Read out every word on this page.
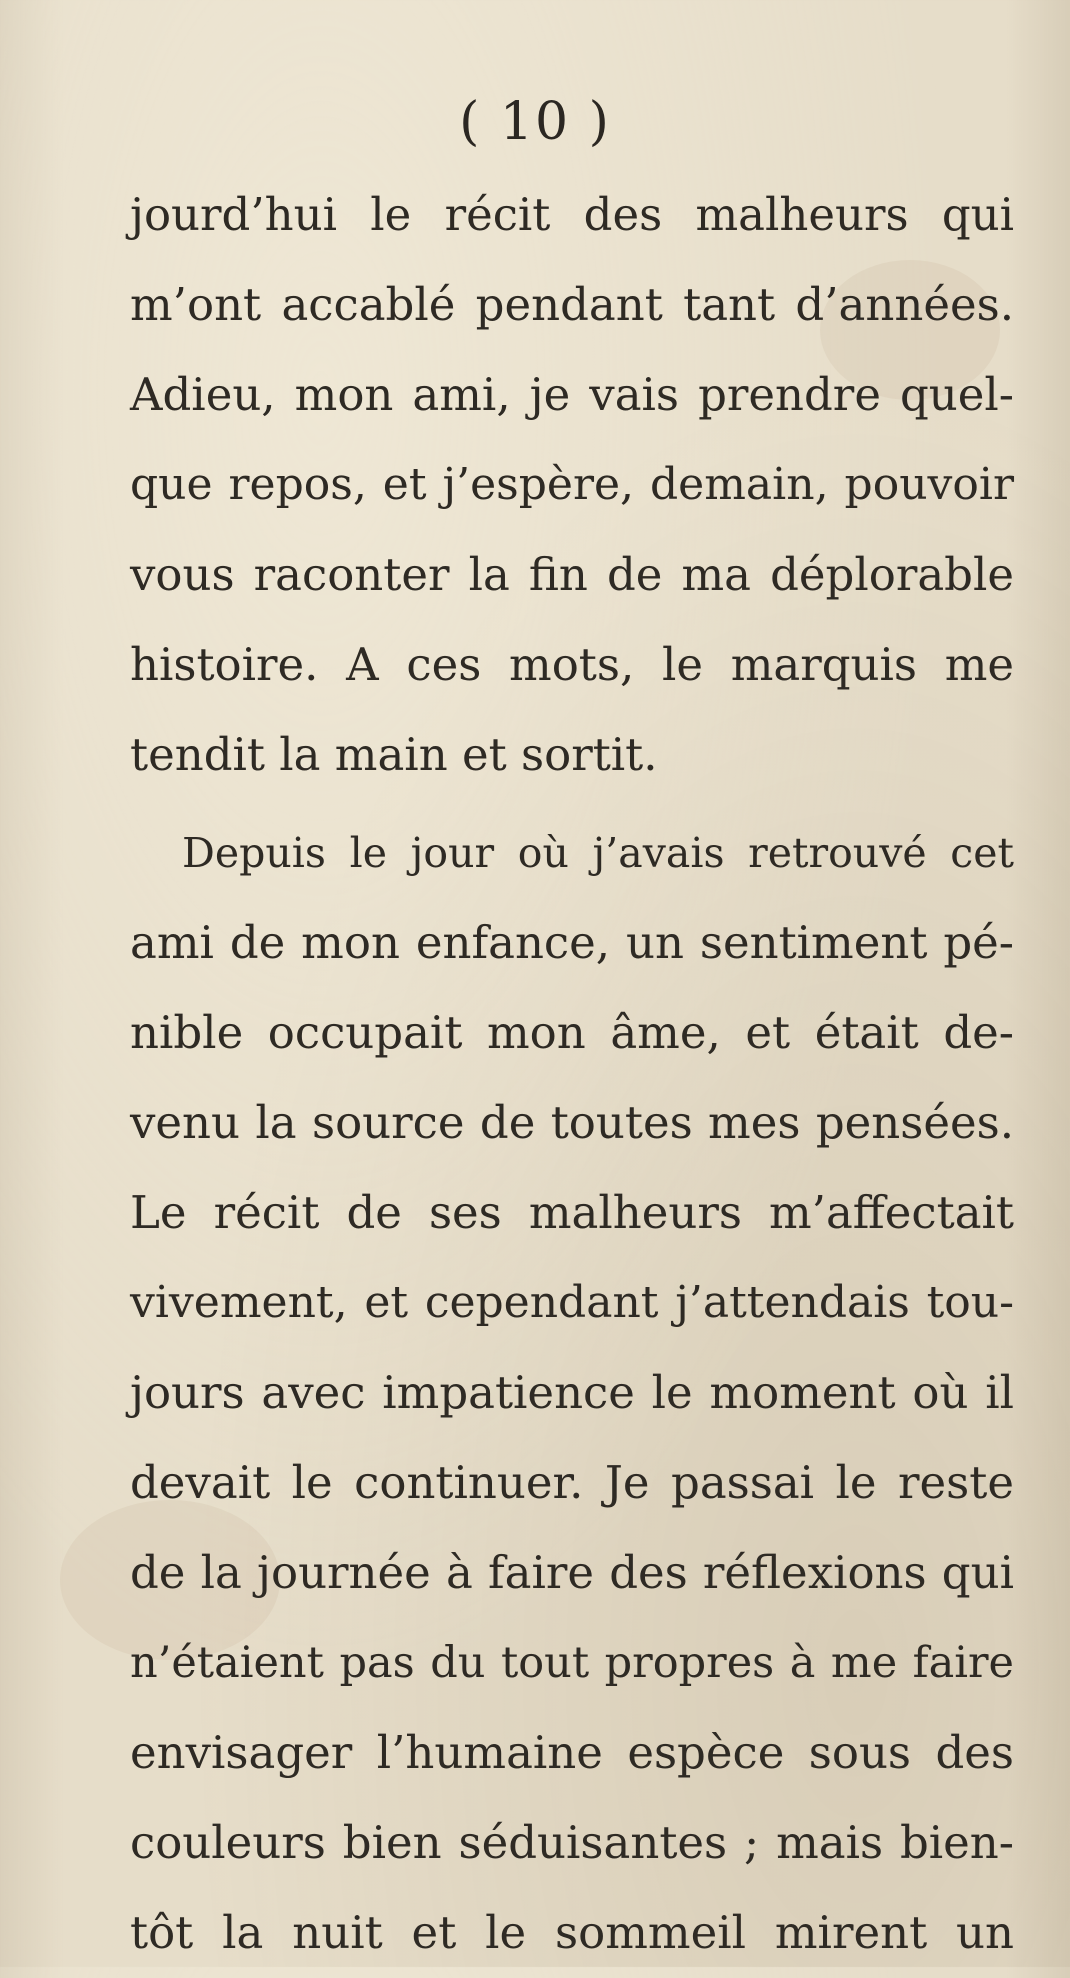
( 10 )
jourd’hui le récit des malheurs qui
m’ont accablé pendant tant d’années.
Adieu, mon ami, je vais prendre quel-
que repos, et j’espère, demain, pouvoir
vous raconter la fin de ma déplorable
histoire. A ces mots, le marquis me
tendit la main et sortit.
Depuis le jour où j’avais retrouvé cet
ami de mon enfance, un sentiment pé-
nible occupait mon âme, et était de-
venu la source de toutes mes pensées.
Le récit de ses malheurs m’affectait
vivement, et cependant j’attendais tou-
jours avec impatience le moment où il
devait le continuer. Je passai le reste
de la journée à faire des réflexions qui
n’étaient pas du tout propres à me faire
envisager l’humaine espèce sous des
couleurs bien séduisantes ; mais bien-
tôt la nuit et le sommeil mirent un
